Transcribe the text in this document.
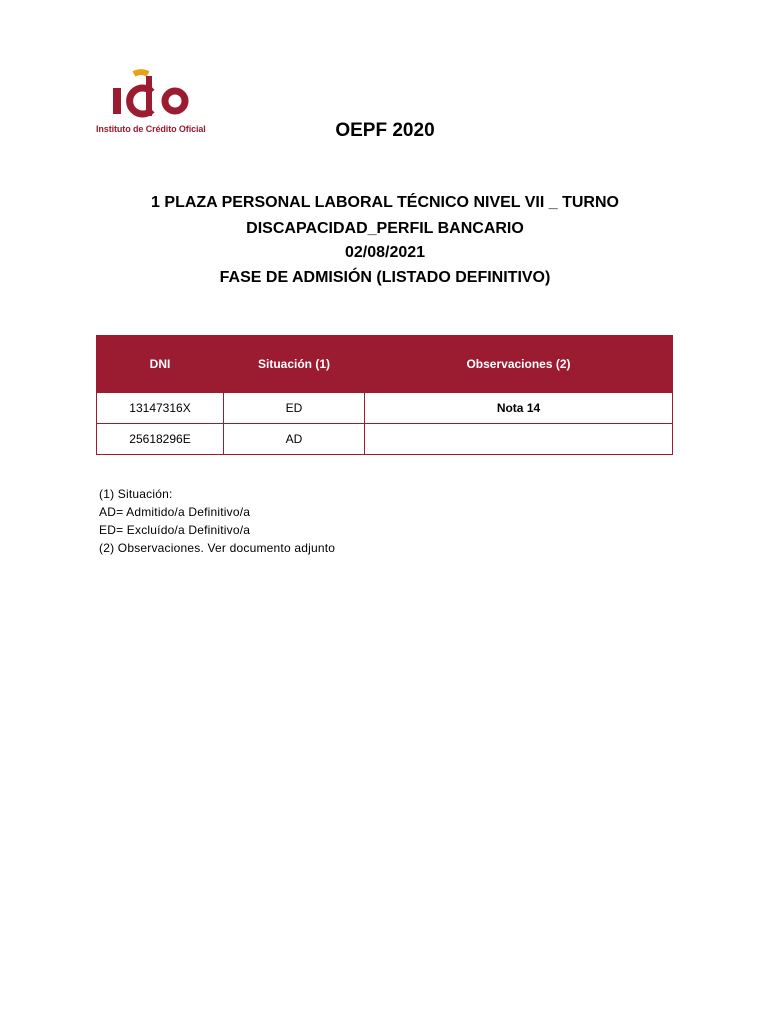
Instituto de Crédito Oficial	OEPF 2020
1 PLAZA PERSONAL LABORAL TÉCNICO NIVEL VII _ TURNO DISCAPACIDAD_PERFIL BANCARIO
02/08/2021
FASE DE ADMISIÓN (LISTADO DEFINITIVO)
DNI	Situación (1)	Observaciones (2)
13147316X	ED	Nota 14
25618296E	AD	
(1) Situación:
AD= Admitido/a Definitivo/a
ED= Excluído/a Definitivo/a
(2) Observaciones. Ver documento adjunto
